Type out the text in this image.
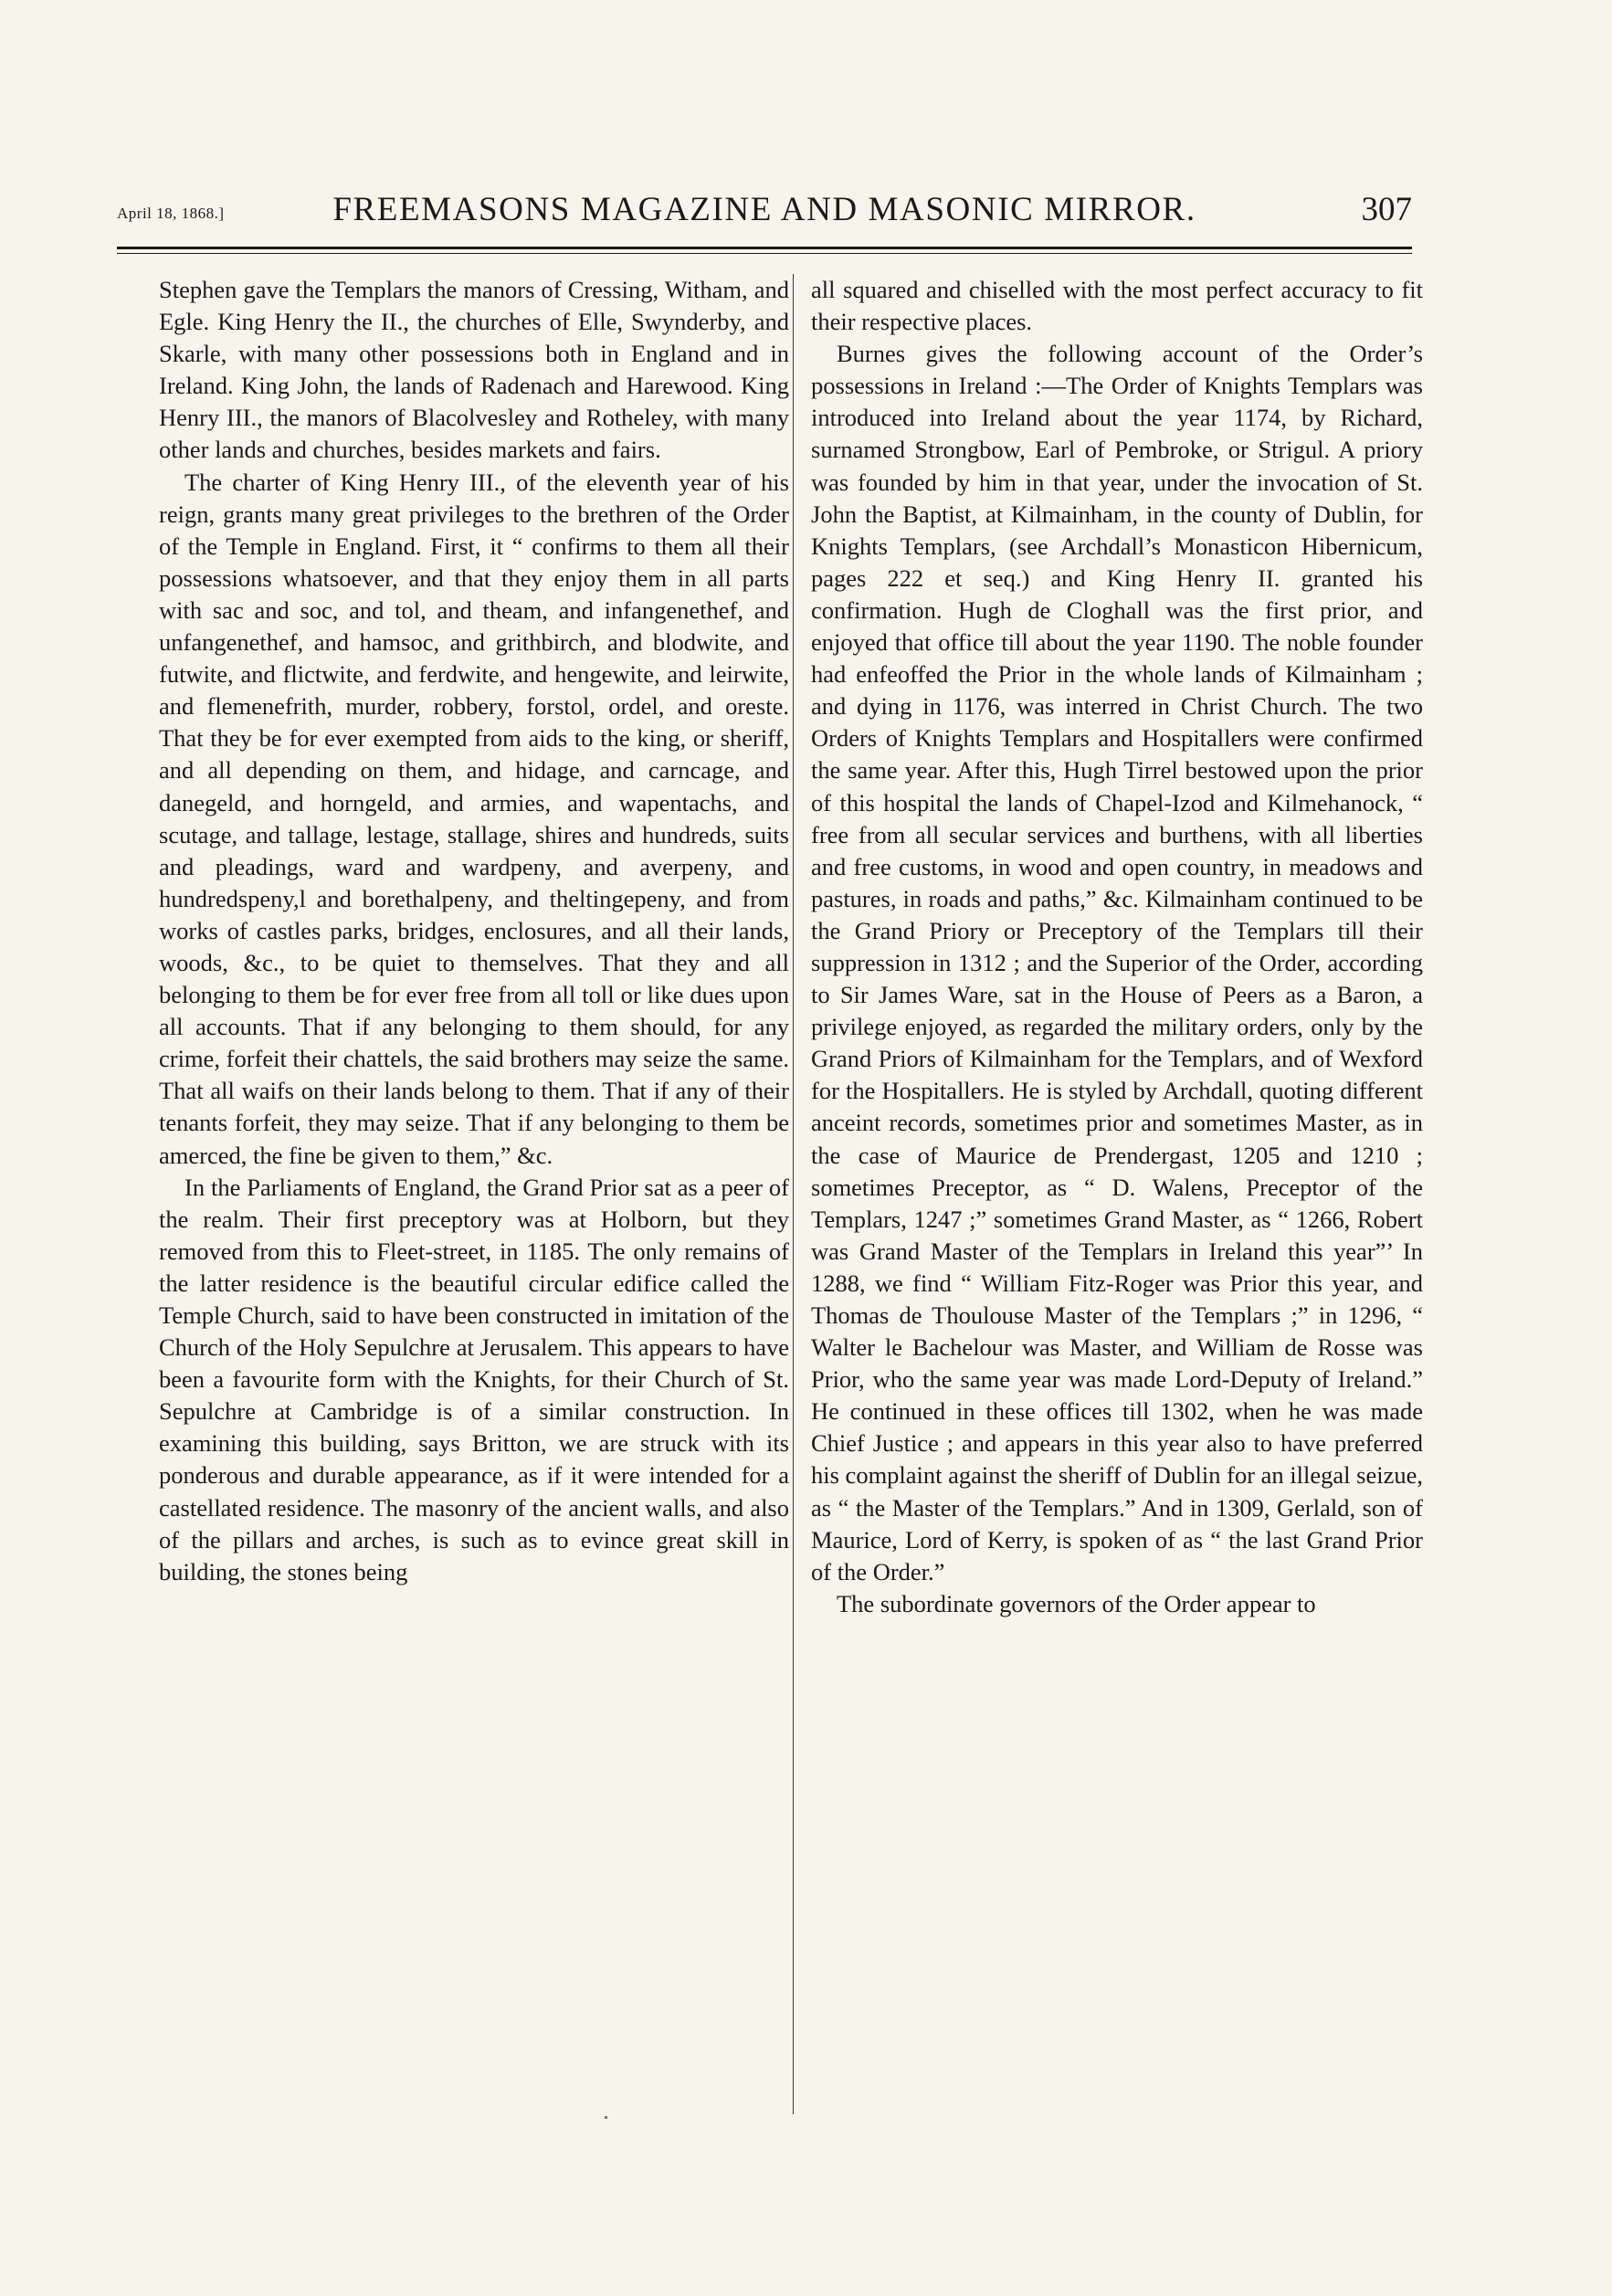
April 18, 1868.]	FREEMASONS MAGAZINE AND MASONIC MIRROR.	307

Stephen gave the Templars the manors of Cressing, Witham, and Egle. King Henry the II., the churches of Elle, Swynderby, and Skarle, with many other possessions both in England and in Ireland. King John, the lands of Radenach and Harewood. King Henry III., the manors of Blacolvesley and Rotheley, with many other lands and churches, besides markets and fairs.

The charter of King Henry III., of the eleventh year of his reign, grants many great privileges to the brethren of the Order of the Temple in England. First, it “ confirms to them all their possessions whatsoever, and that they enjoy them in all parts with sac and soc, and tol, and theam, and infangenethef, and unfangenethef, and hamsoc, and grithbirch, and blodwite, and futwite, and flictwite, and ferdwite, and hengewite, and leirwite, and flemenefrith, murder, robbery, forstol, ordel, and oreste. That they be for ever exempted from aids to the king, or sheriff, and all depending on them, and hidage, and carncage, and danegeld, and horngeld, and armies, and wapentachs, and scutage, and tallage, lestage, stallage, shires and hundreds, suits and pleadings, ward and wardpeny, and averpeny, and hundredspeny,l and borethalpeny, and theltingepeny, and from works of castles parks, bridges, enclosures, and all their lands, woods, &c., to be quiet to themselves. That they and all belonging to them be for ever free from all toll or like dues upon all accounts. That if any belonging to them should, for any crime, forfeit their chattels, the said brothers may seize the same. That all waifs on their lands belong to them. That if any of their tenants forfeit, they may seize. That if any belonging to them be amerced, the fine be given to them,” &c.

In the Parliaments of England, the Grand Prior sat as a peer of the realm. Their first preceptory was at Holborn, but they removed from this to Fleet-street, in 1185. The only remains of the latter residence is the beautiful circular edifice called the Temple Church, said to have been constructed in imitation of the Church of the Holy Sepulchre at Jerusalem. This appears to have been a favourite form with the Knights, for their Church of St. Sepulchre at Cambridge is of a similar construction. In examining this building, says Britton, we are struck with its ponderous and durable appearance, as if it were intended for a castellated residence. The masonry of the ancient walls, and also of the pillars and arches, is such as to evince great skill in building, the stones being

all squared and chiselled with the most perfect accuracy to fit their respective places.

Burnes gives the following account of the Order’s possessions in Ireland :—The Order of Knights Templars was introduced into Ireland about the year 1174, by Richard, surnamed Strongbow, Earl of Pembroke, or Strigul. A priory was founded by him in that year, under the invocation of St. John the Baptist, at Kilmainham, in the county of Dublin, for Knights Templars, (see Archdall’s Monasticon Hibernicum, pages 222 et seq.) and King Henry II. granted his confirmation. Hugh de Cloghall was the first prior, and enjoyed that office till about the year 1190. The noble founder had enfeoffed the Prior in the whole lands of Kilmainham ; and dying in 1176, was interred in Christ Church. The two Orders of Knights Templars and Hospitallers were confirmed the same year. After this, Hugh Tirrel bestowed upon the prior of this hospital the lands of Chapel-Izod and Kilmehanock, “ free from all secular services and burthens, with all liberties and free customs, in wood and open country, in meadows and pastures, in roads and paths,” &c. Kilmainham continued to be the Grand Priory or Preceptory of the Templars till their suppression in 1312 ; and the Superior of the Order, according to Sir James Ware, sat in the House of Peers as a Baron, a privilege enjoyed, as regarded the military orders, only by the Grand Priors of Kilmainham for the Templars, and of Wexford for the Hospitallers. He is styled by Archdall, quoting different anceint records, sometimes prior and sometimes Master, as in the case of Maurice de Prendergast, 1205 and 1210 ; sometimes Preceptor, as “ D. Walens, Preceptor of the Templars, 1247 ;” sometimes Grand Master, as “ 1266, Robert was Grand Master of the Templars in Ireland this year”’ In 1288, we find “ William Fitz-Roger was Prior this year, and Thomas de Thoulouse Master of the Templars ;” in 1296, “ Walter le Bachelour was Master, and William de Rosse was Prior, who the same year was made Lord-Deputy of Ireland.” He continued in these offices till 1302, when he was made Chief Justice ; and appears in this year also to have preferred his complaint against the sheriff of Dublin for an illegal seizue, as “ the Master of the Templars.” And in 1309, Gerlald, son of Maurice, Lord of Kerry, is spoken of as “ the last Grand Prior of the Order.”

The subordinate governors of the Order appear to
